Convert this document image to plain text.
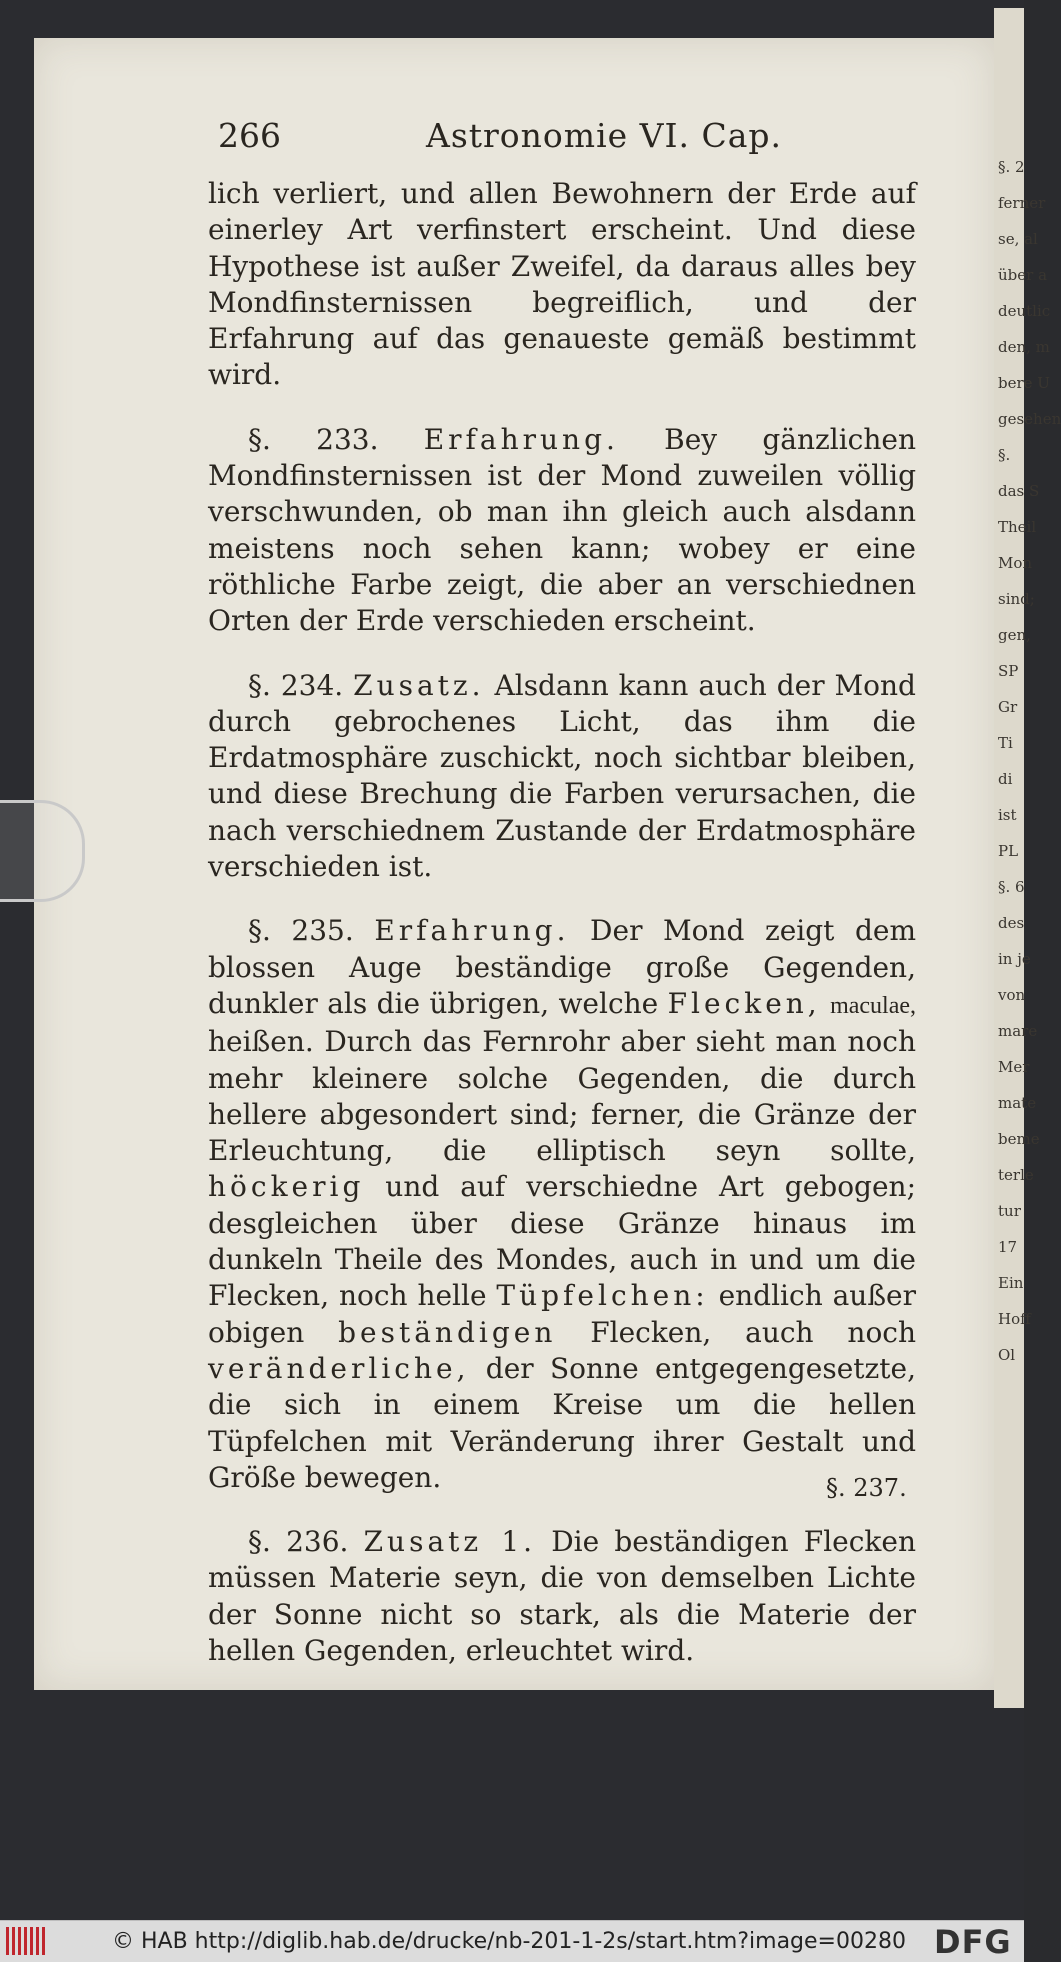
§. 2
ferner
se, al
über a
deutlic
den, m
bere U
gesehen
§.
das S
Theil
Mon
sind;
gen,
SP
Gr
Ti
di
ist
PL
§. 6
des
in je
von
mare
Mer
mate
beme
terle
tur
17
Ein
Hoff
Ol
266	Astronomie VI. Cap.

lich verliert, und allen Bewohnern der Erde auf einerley Art verfinstert erscheint. Und diese Hypothese ist außer Zweifel, da daraus alles bey Mondfinsternissen begreiflich, und der Erfahrung auf das genaueste gemäß bestimmt wird.

§. 233. Erfahrung. Bey gänzlichen Mondfinsternissen ist der Mond zuweilen völlig verschwunden, ob man ihn gleich auch alsdann meistens noch sehen kann; wobey er eine röthliche Farbe zeigt, die aber an verschiednen Orten der Erde verschieden erscheint.

§. 234. Zusatz. Alsdann kann auch der Mond durch gebrochenes Licht, das ihm die Erdatmosphäre zuschickt, noch sichtbar bleiben, und diese Brechung die Farben verursachen, die nach verschiednem Zustande der Erdatmosphäre verschieden ist.

§. 235. Erfahrung. Der Mond zeigt dem blossen Auge beständige große Gegenden, dunkler als die übrigen, welche Flecken, maculae, heißen. Durch das Fernrohr aber sieht man noch mehr kleinere solche Gegenden, die durch hellere abgesondert sind; ferner, die Gränze der Erleuchtung, die elliptisch seyn sollte, höckerig und auf verschiedne Art gebogen; desgleichen über diese Gränze hinaus im dunkeln Theile des Mondes, auch in und um die Flecken, noch helle Tüpfelchen: endlich außer obigen beständigen Flecken, auch noch veränderliche, der Sonne entgegengesetzte, die sich in einem Kreise um die hellen Tüpfelchen mit Veränderung ihrer Gestalt und Größe bewegen.

§. 236. Zusatz 1. Die beständigen Flecken müssen Materie seyn, die von demselben Lichte der Sonne nicht so stark, als die Materie der hellen Gegenden, erleuchtet wird.

§. 237.
© HAB http://diglib.hab.de/drucke/nb-201-1-2s/start.htm?image=00280 DFG
